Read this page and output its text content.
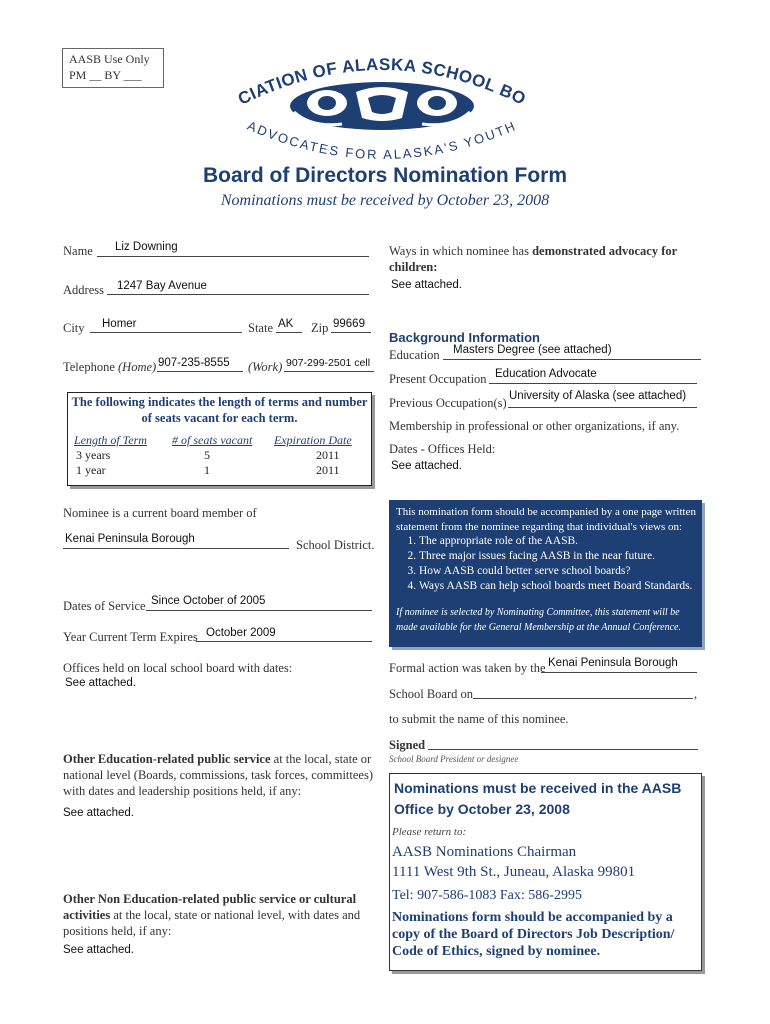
AASB Use Only
PM __ BY ___
CIATION OF ALASKA SCHOOL BO
ADVOCATES FOR ALASKA'S YOUTH
Board of Directors Nomination Form
Nominations must be received by October 23, 2008
Name Liz Downing
Address 1247 Bay Avenue
City Homer	State AK Zip 99669
Telephone (Home) 907-235-8555 (Work) 907-299-2501 cell
The following indicates the length of terms and number of seats vacant for each term.
Length of Term # of seats vacant Expiration Date
3 years	5	2011
1 year	1	2011
Nominee is a current board member of
Kenai Peninsula Borough	School District.
Dates of Service Since October of 2005
Year Current Term Expires October 2009
Offices held on local school board with dates:
See attached.
Other Education-related public service at the local, state or national level (Boards, commissions, task forces, committees) with dates and leadership positions held, if any:
See attached.
Other Non Education-related public service or cultural activities at the local, state or national level, with dates and positions held, if any:
See attached.
Ways in which nominee has demonstrated advocacy for children:
See attached.
Background Information
Education Masters Degree (see attached)
Present Occupation Education Advocate
Previous Occupation(s) University of Alaska (see attached)
Membership in professional or other organizations, if any.
Dates - Offices Held:
See attached.
This nomination form should be accompanied by a one page written statement from the nominee regarding that individual's views on:
1. The appropriate role of the AASB.
2. Three major issues facing AASB in the near future.
3. How AASB could better serve school boards?
4. Ways AASB can help school boards meet Board Standards.
If nominee is selected by Nominating Committee, this statement will be made available for the General Membership at the Annual Conference.
Formal action was taken by the Kenai Peninsula Borough
School Board on	,
to submit the name of this nominee.
Signed
School Board President or designee
Nominations must be received in the AASB Office by October 23, 2008
Please return to:
AASB Nominations Chairman
1111 West 9th St., Juneau, Alaska 99801
Tel: 907-586-1083 Fax: 586-2995
Nominations form should be accompanied by a copy of the Board of Directors Job Description/ Code of Ethics, signed by nominee.
